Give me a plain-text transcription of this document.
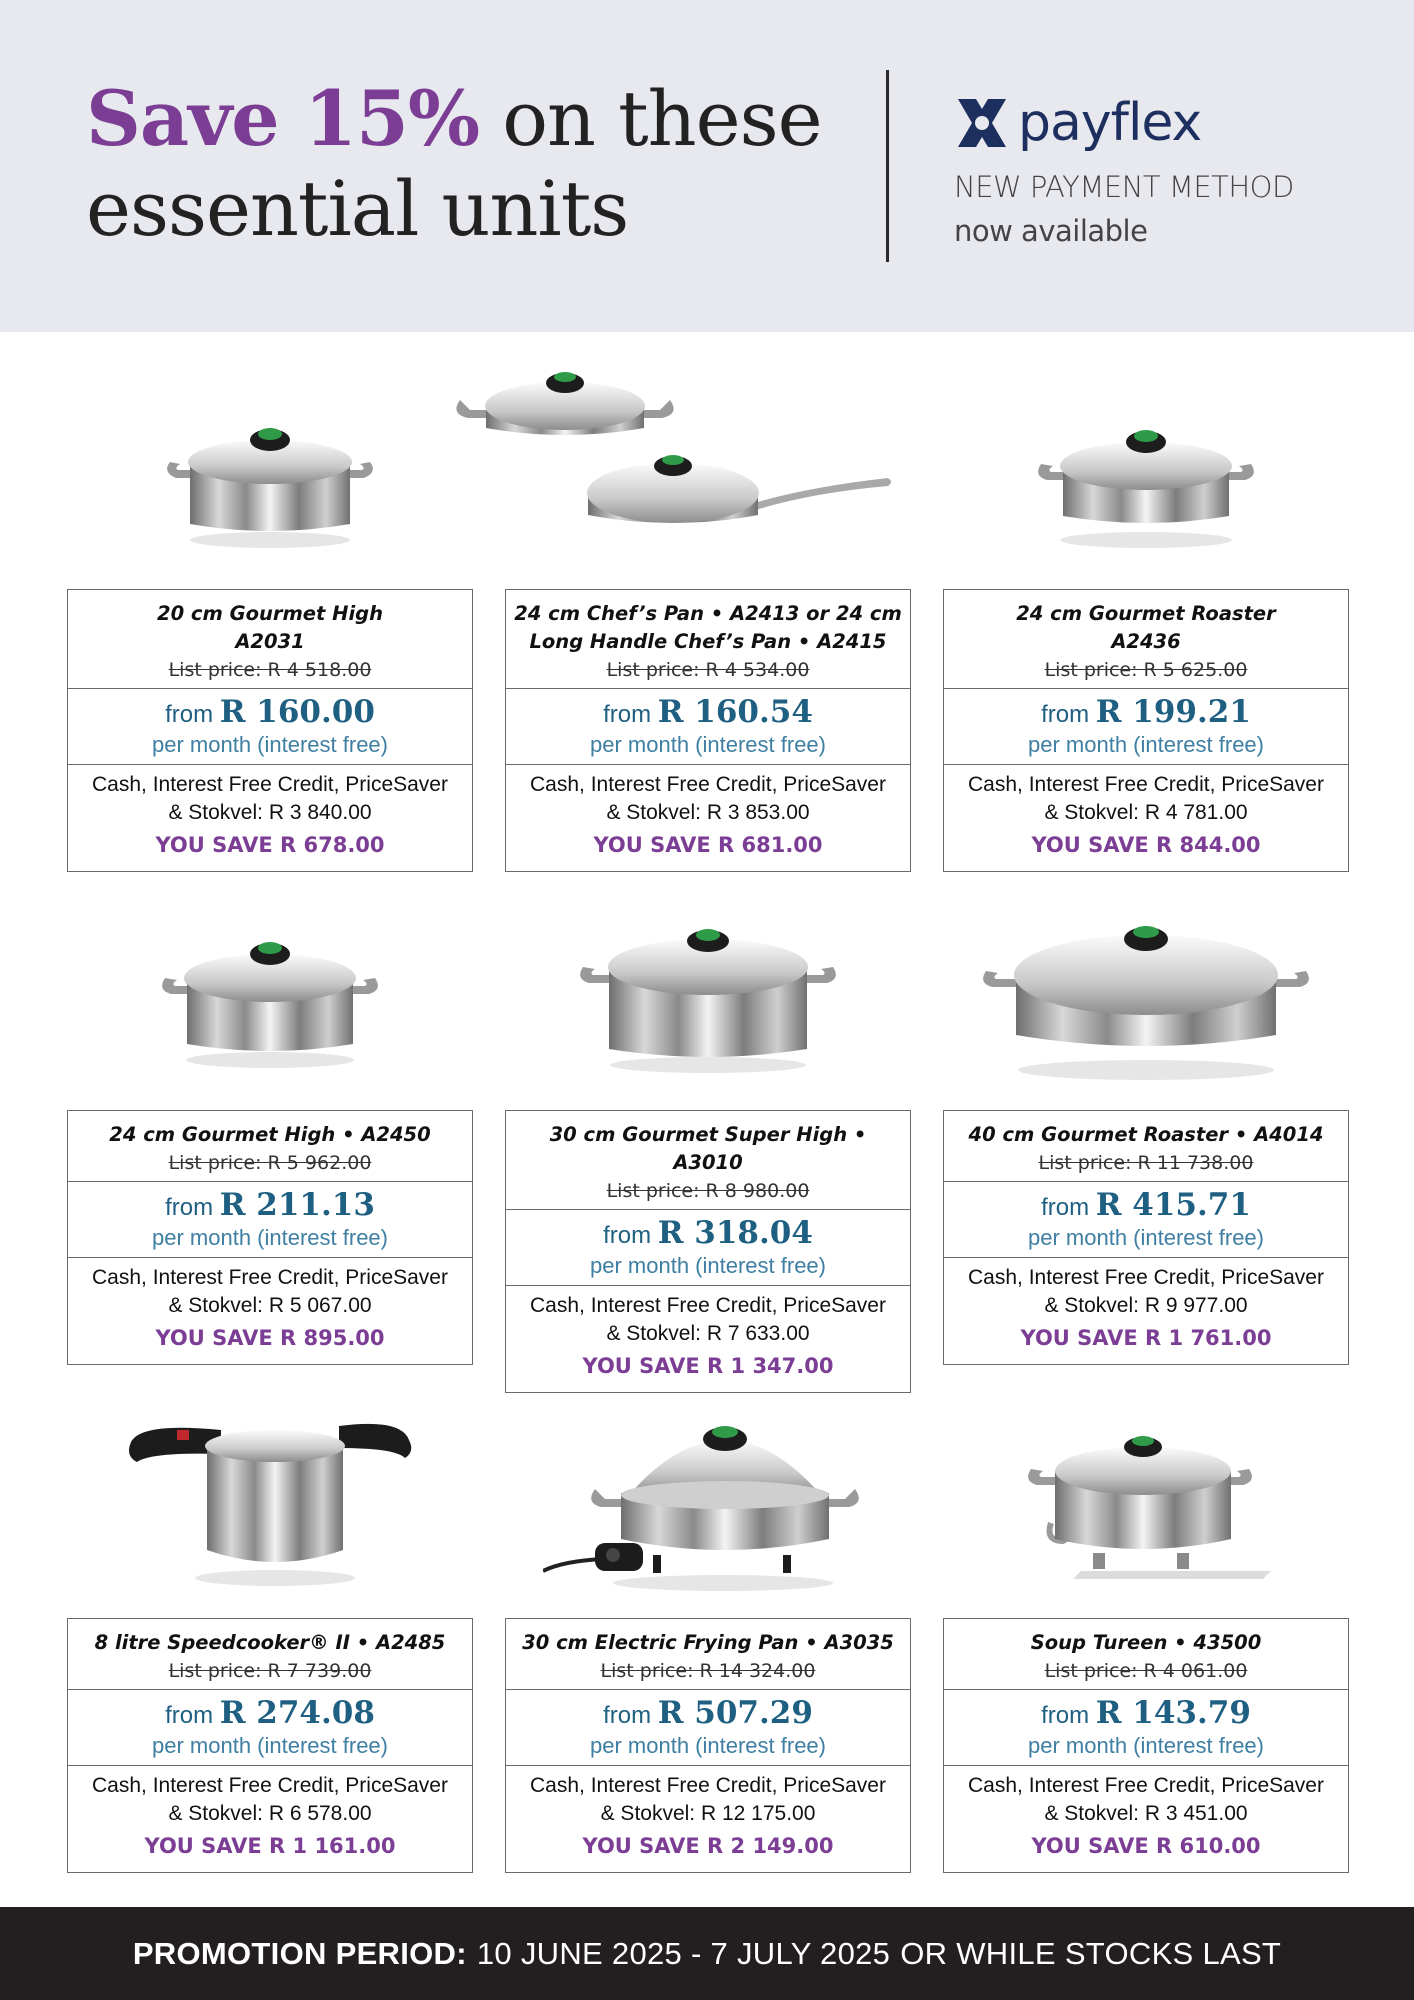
Save 15% on these
essential units
payflex
NEW PAYMENT METHOD
now available
20 cm Gourmet High
A2031
List price: R 4 518.00
from R 160.00
per month (interest free)
Cash, Interest Free Credit, PriceSaver
& Stokvel: R 3 840.00
YOU SAVE R 678.00
24 cm Chef’s Pan • A2413 or 24 cm
Long Handle Chef’s Pan • A2415
List price: R 4 534.00
from R 160.54
per month (interest free)
Cash, Interest Free Credit, PriceSaver
& Stokvel: R 3 853.00
YOU SAVE R 681.00
24 cm Gourmet Roaster
A2436
List price: R 5 625.00
from R 199.21
per month (interest free)
Cash, Interest Free Credit, PriceSaver
& Stokvel: R 4 781.00
YOU SAVE R 844.00
24 cm Gourmet High • A2450
List price: R 5 962.00
from R 211.13
per month (interest free)
Cash, Interest Free Credit, PriceSaver
& Stokvel: R 5 067.00
YOU SAVE R 895.00
30 cm Gourmet Super High • A3010
List price: R 8 980.00
from R 318.04
per month (interest free)
Cash, Interest Free Credit, PriceSaver
& Stokvel: R 7 633.00
YOU SAVE R 1 347.00
40 cm Gourmet Roaster • A4014
List price: R 11 738.00
from R 415.71
per month (interest free)
Cash, Interest Free Credit, PriceSaver
& Stokvel: R 9 977.00
YOU SAVE R 1 761.00
8 litre Speedcooker® II • A2485
List price: R 7 739.00
from R 274.08
per month (interest free)
Cash, Interest Free Credit, PriceSaver
& Stokvel: R 6 578.00
YOU SAVE R 1 161.00
30 cm Electric Frying Pan • A3035
List price: R 14 324.00
from R 507.29
per month (interest free)
Cash, Interest Free Credit, PriceSaver
& Stokvel: R 12 175.00
YOU SAVE R 2 149.00
Soup Tureen • 43500
List price: R 4 061.00
from R 143.79
per month (interest free)
Cash, Interest Free Credit, PriceSaver
& Stokvel: R 3 451.00
YOU SAVE R 610.00
PROMOTION PERIOD: 10 JUNE 2025 - 7 JULY 2025 OR WHILE STOCKS LAST
